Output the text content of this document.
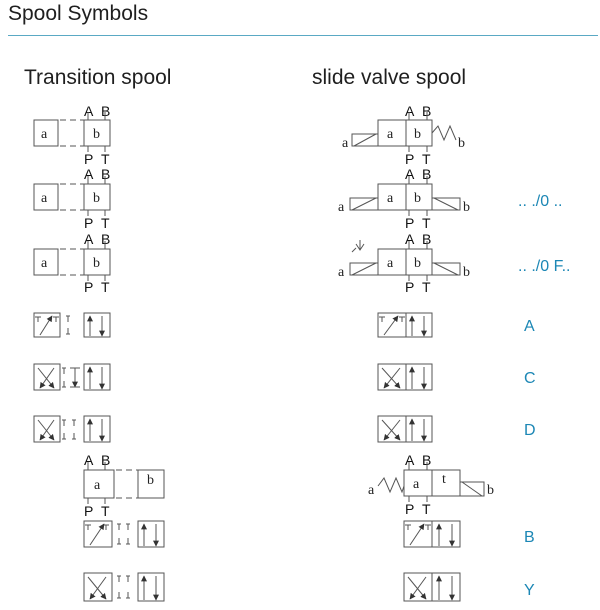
Spool Symbols
Transition spool	slide valve spool
A B
a	b
P T
A B
a	b
P T
A B
a	b
P T
A B
a	b
P T
A B
a	b
a b
P T
A B
a	b
a b
P T
.. ./0 ..
A B
a	b
a b
P T
.. ./0 F..
A
C
D
A B
a	b
a t
P T
B
Y
